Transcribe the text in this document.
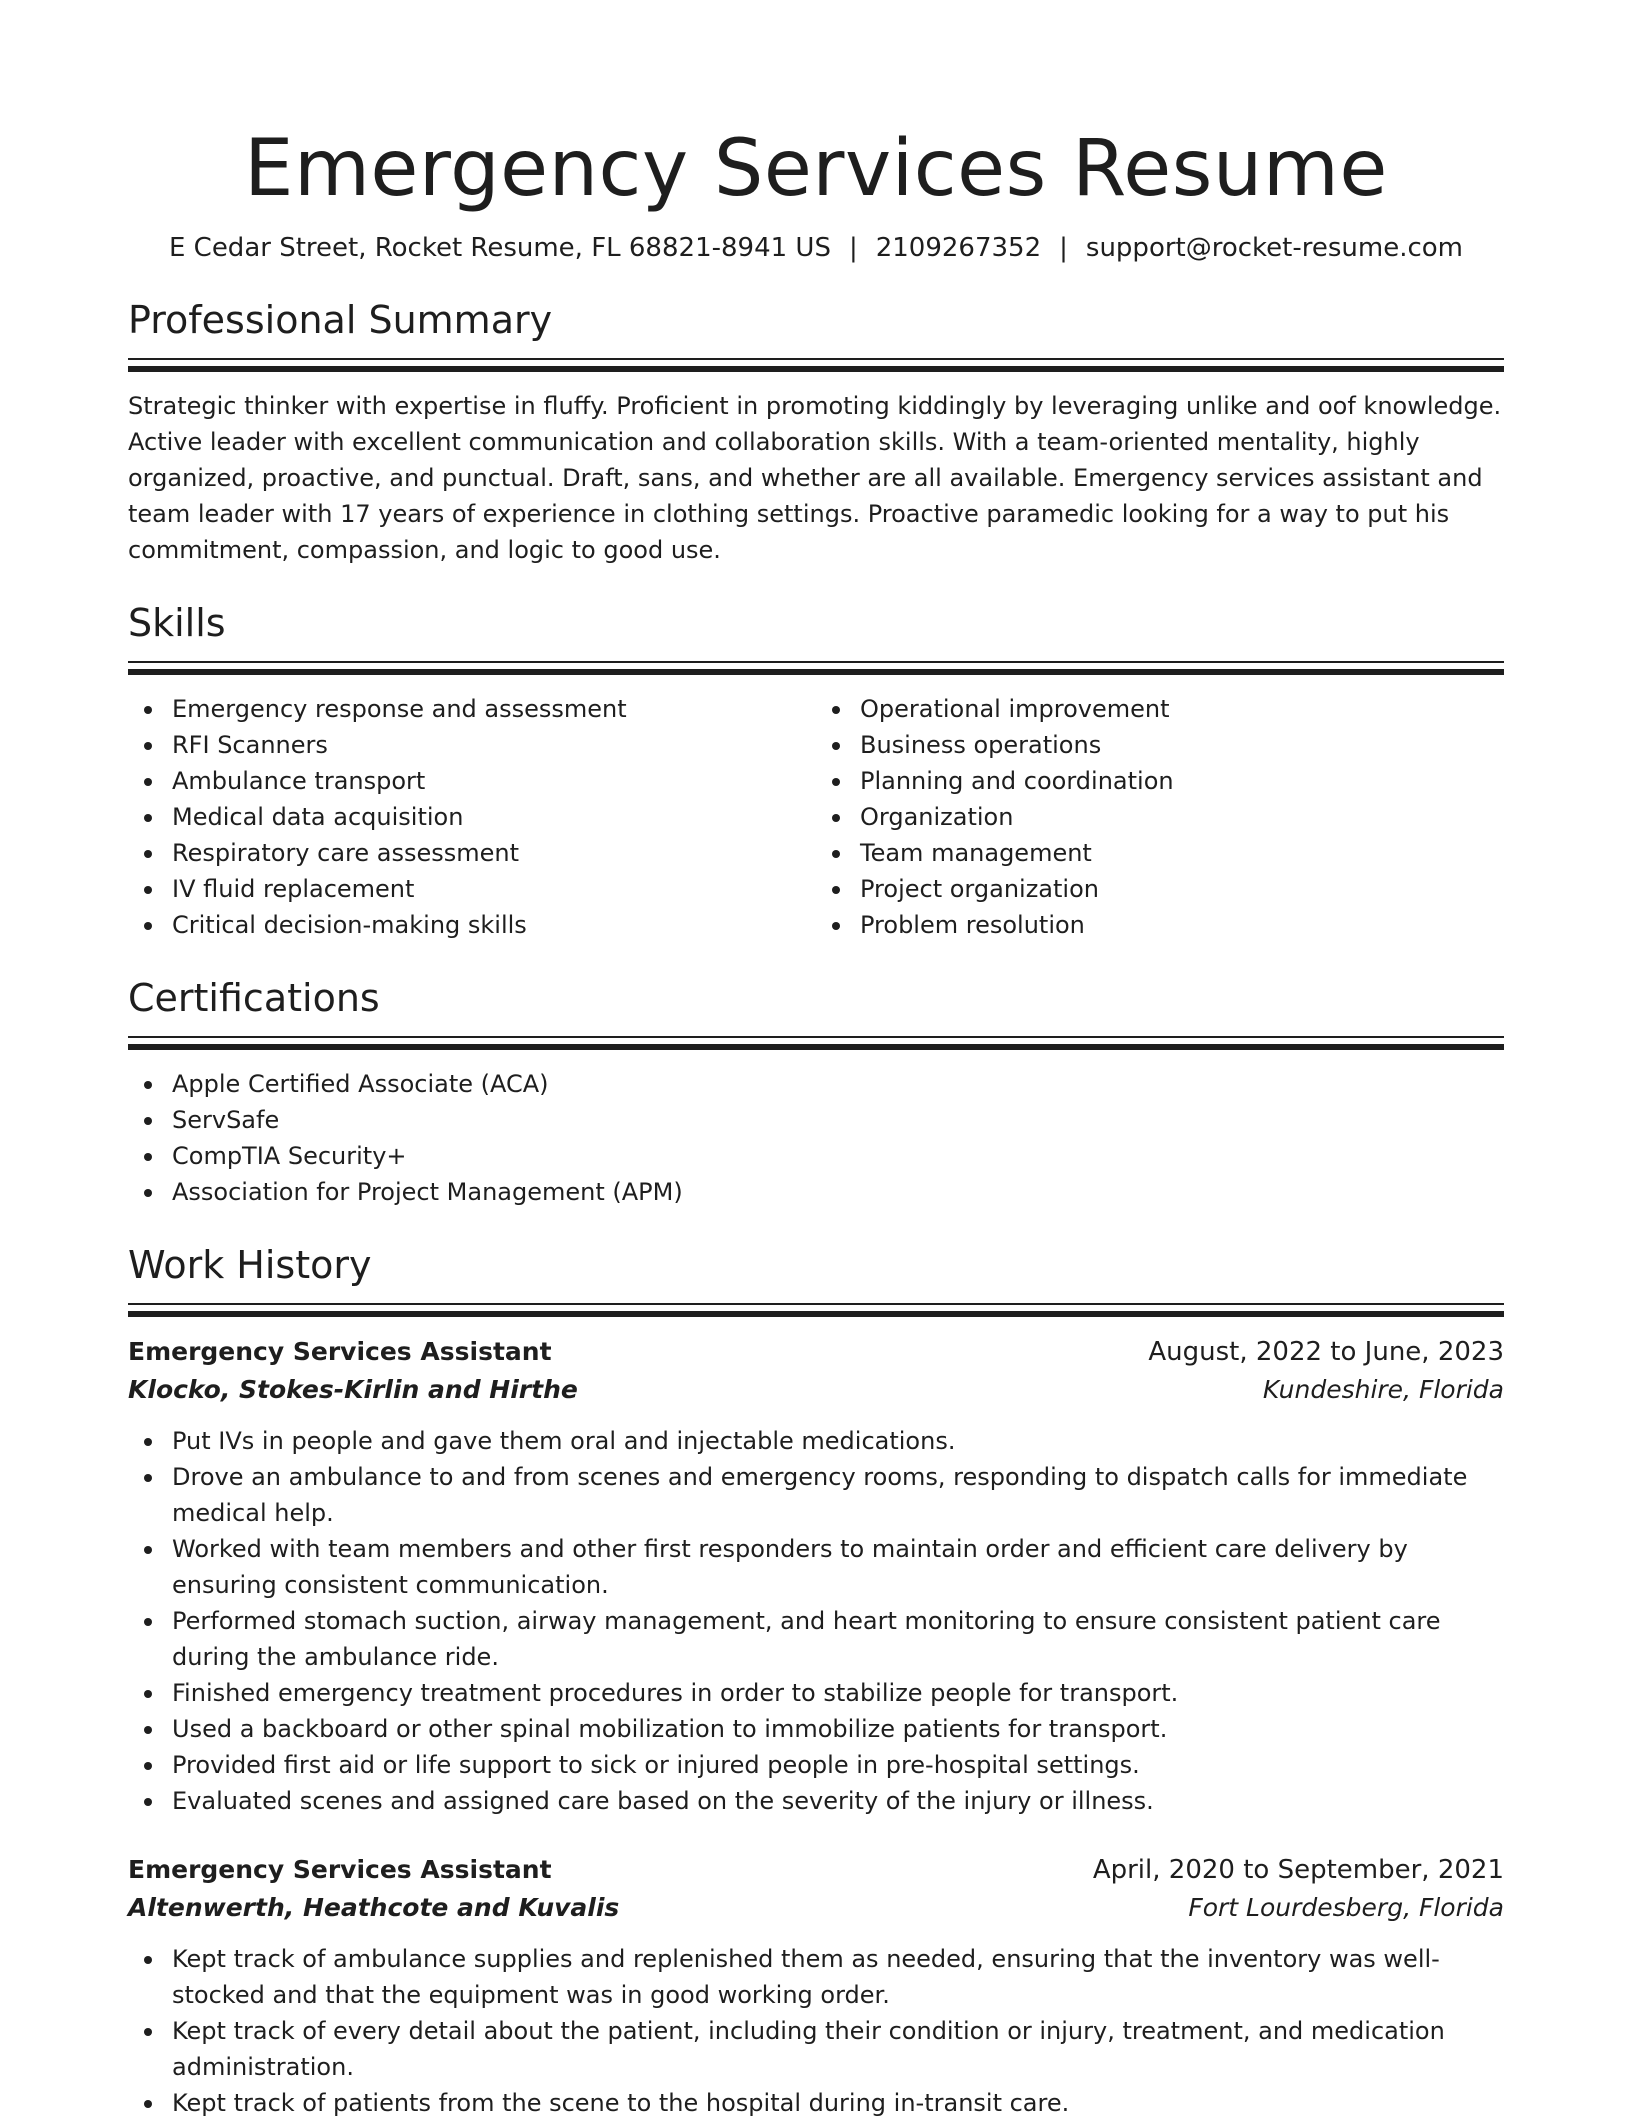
Emergency Services Resume
E Cedar Street, Rocket Resume, FL 68821-8941 US | 2109267352 | support@rocket-resume.com
Professional Summary

Strategic thinker with expertise in fluffy. Proficient in promoting kiddingly by leveraging unlike and oof knowledge. Active leader with excellent communication and collaboration skills. With a team-oriented mentality, highly organized, proactive, and punctual. Draft, sans, and whether are all available. Emergency services assistant and team leader with 17 years of experience in clothing settings. Proactive paramedic looking for a way to put his commitment, compassion, and logic to good use.

Skills
Emergency response and assessment
RFI Scanners
Ambulance transport
Medical data acquisition
Respiratory care assessment
IV fluid replacement
Critical decision-making skills
Operational improvement
Business operations
Planning and coordination
Organization
Team management
Project organization
Problem resolution
Certifications
Apple Certified Associate (ACA)
ServSafe
CompTIA Security+
Association for Project Management (APM)
Work History
Emergency Services Assistant	August, 2022 to June, 2023
Klocko, Stokes-Kirlin and Hirthe	Kundeshire, Florida
Put IVs in people and gave them oral and injectable medications.
Drove an ambulance to and from scenes and emergency rooms, responding to dispatch calls for immediate medical help.
Worked with team members and other first responders to maintain order and efficient care delivery by ensuring consistent communication.
Performed stomach suction, airway management, and heart monitoring to ensure consistent patient care during the ambulance ride.
Finished emergency treatment procedures in order to stabilize people for transport.
Used a backboard or other spinal mobilization to immobilize patients for transport.
Provided first aid or life support to sick or injured people in pre-hospital settings.
Evaluated scenes and assigned care based on the severity of the injury or illness.
Emergency Services Assistant	April, 2020 to September, 2021
Altenwerth, Heathcote and Kuvalis	Fort Lourdesberg, Florida
Kept track of ambulance supplies and replenished them as needed, ensuring that the inventory was well-stocked and that the equipment was in good working order.
Kept track of every detail about the patient, including their condition or injury, treatment, and medication administration.
Kept track of patients from the scene to the hospital during in-transit care.
